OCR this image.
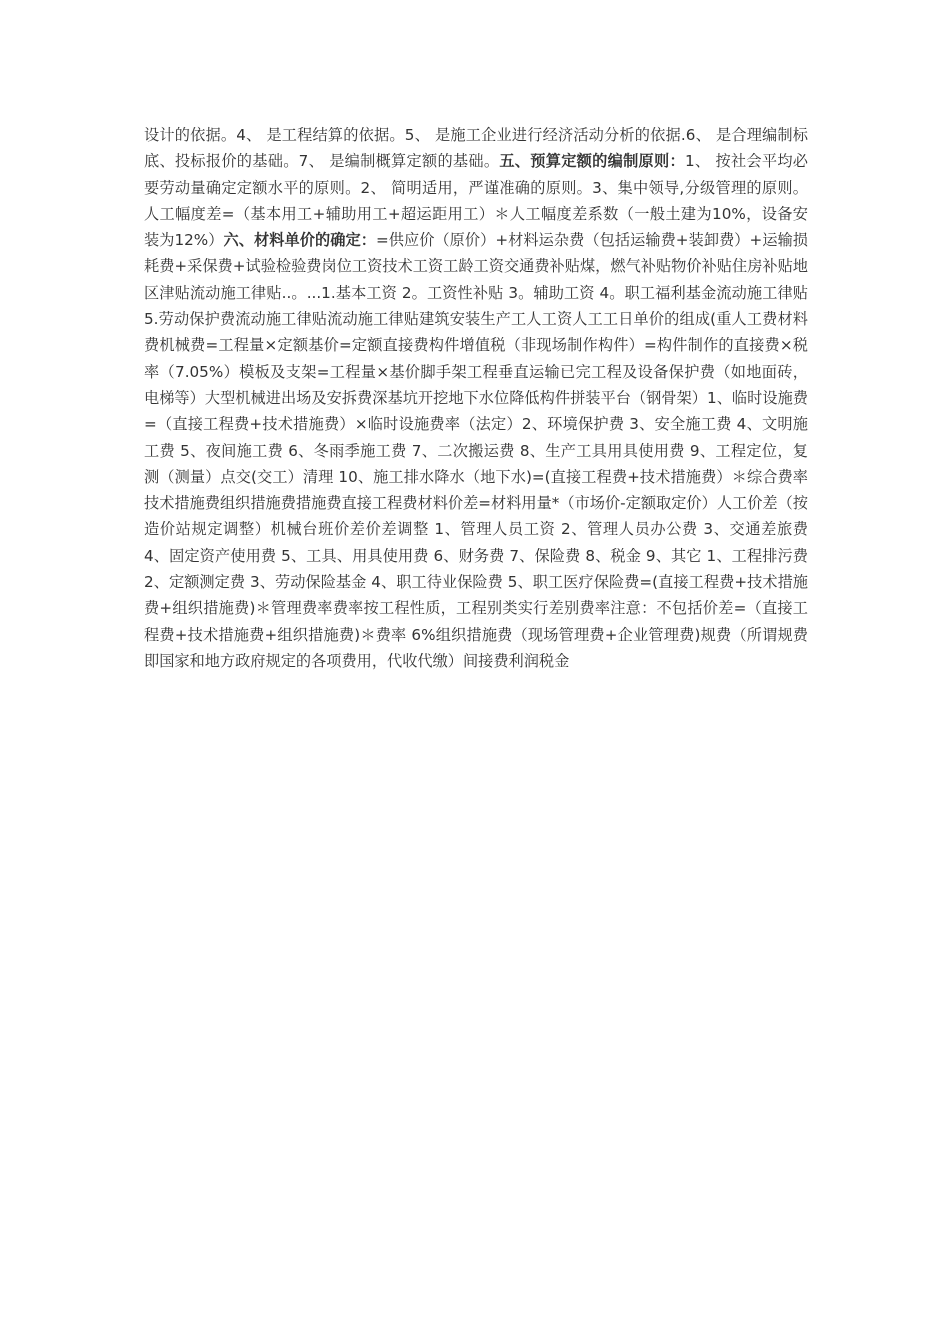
设计的依据。4、 是工程结算的依据。5、 是施工企业进行经济活动分析的依据.6、 是合理编制标底、投标报价的基础。7、 是编制概算定额的基础。五、预算定额的编制原则：1、 按社会平均必要劳动量确定定额水平的原则。2、 简明适用，严谨准确的原则。3、集中领导,分级管理的原则。人工幅度差=（基本用工+辅助用工+超运距用工）＊人工幅度差系数（一般土建为10%，设备安装为12%）六、材料单价的确定：=供应价（原价）+材料运杂费（包括运输费+装卸费）+运输损耗费+采保费+试验检验费岗位工资技术工资工龄工资交通费补贴煤，燃气补贴物价补贴住房补贴地区津贴流动施工律贴..。...1.基本工资 2。工资性补贴 3。辅助工资 4。职工福利基金流动施工律贴 5.劳动保护费流动施工律贴流动施工律贴建筑安装生产工人工资人工工日单价的组成(重人工费材料费机械费=工程量×定额基价=定额直接费构件增值税（非现场制作构件）=构件制作的直接费×税率（7.05%）模板及支架=工程量×基价脚手架工程垂直运输已完工程及设备保护费（如地面砖，电梯等）大型机械进出场及安拆费深基坑开挖地下水位降低构件拼装平台（钢骨架）1、临时设施费=（直接工程费+技术措施费）×临时设施费率（法定）2、环境保护费 3、安全施工费 4、文明施工费 5、夜间施工费 6、冬雨季施工费 7、二次搬运费 8、生产工具用具使用费 9、工程定位，复测（测量）点交(交工）清理 10、施工排水降水（地下水)=(直接工程费+技术措施费）＊综合费率技术措施费组织措施费措施费直接工程费材料价差=材料用量*（市场价-定额取定价）人工价差（按造价站规定调整）机械台班价差价差调整 1、管理人员工资 2、管理人员办公费 3、交通差旅费 4、固定资产使用费 5、工具、用具使用费 6、财务费 7、保险费 8、税金 9、其它 1、工程排污费 2、定额测定费 3、劳动保险基金 4、职工待业保险费 5、职工医疗保险费=(直接工程费+技术措施费+组织措施费)＊管理费率费率按工程性质，工程别类实行差别费率注意：不包括价差=（直接工程费+技术措施费+组织措施费)＊费率 6%组织措施费（现场管理费+企业管理费)规费（所谓规费即国家和地方政府规定的各项费用，代收代缴）间接费利润税金
